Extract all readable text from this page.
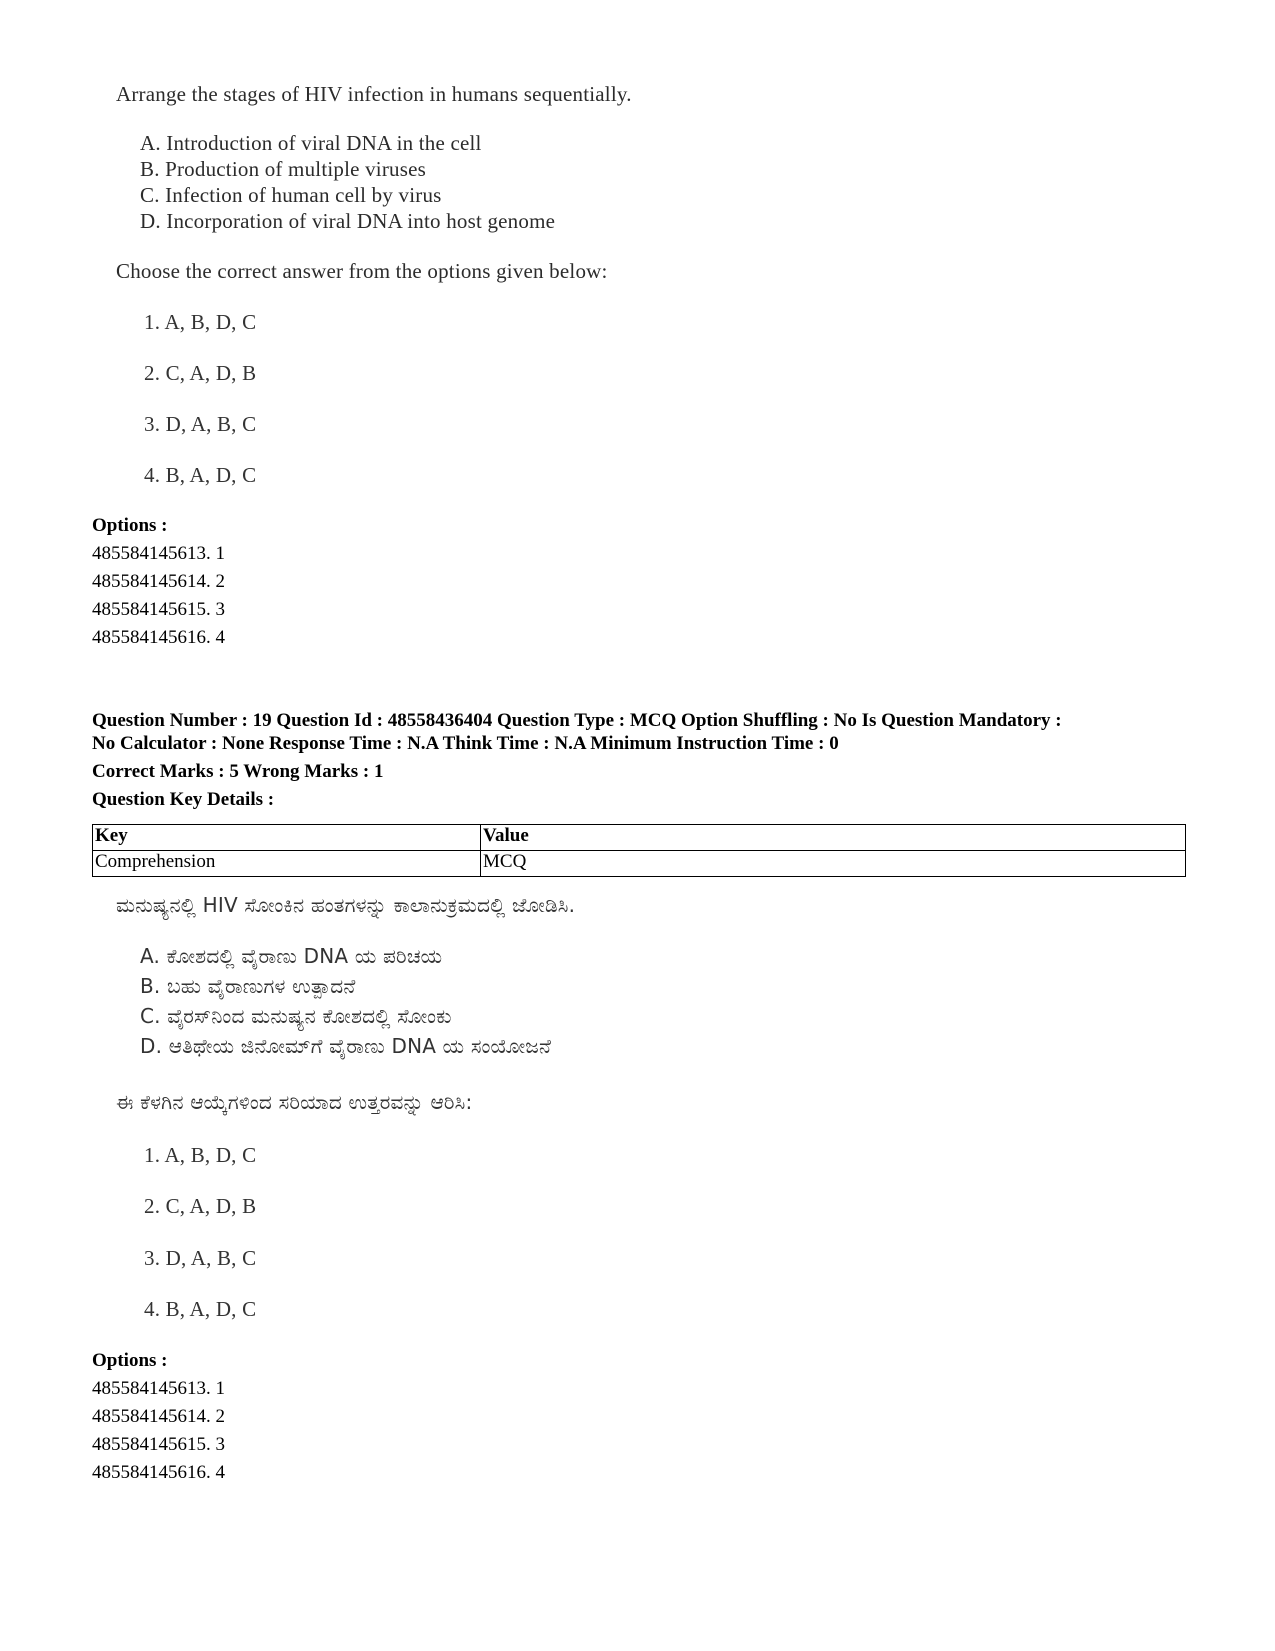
Arrange the stages of HIV infection in humans sequentially.
A. Introduction of viral DNA in the cell
B. Production of multiple viruses
C. Infection of human cell by virus
D. Incorporation of viral DNA into host genome
Choose the correct answer from the options given below:
1. A, B, D, C
2. C, A, D, B
3. D, A, B, C
4. B, A, D, C
Options :
485584145613. 1
485584145614. 2
485584145615. 3
485584145616. 4
Question Number : 19 Question Id : 48558436404 Question Type : MCQ Option Shuffling : No Is Question Mandatory :
No Calculator : None Response Time : N.A Think Time : N.A Minimum Instruction Time : 0
Correct Marks : 5 Wrong Marks : 1
Question Key Details :
Key	Value
Comprehension	MCQ
ಮನುಷ್ಯನಲ್ಲಿ HIV ಸೋಂಕಿನ ಹಂತಗಳನ್ನು ಕಾಲಾನುಕ್ರಮದಲ್ಲಿ ಜೋಡಿಸಿ.
A. ಕೋಶದಲ್ಲಿ ವೈರಾಣು DNA ಯ ಪರಿಚಯ
B. ಬಹು ವೈರಾಣುಗಳ ಉತ್ಪಾದನೆ
C. ವೈರಸ್‌ನಿಂದ ಮನುಷ್ಯನ ಕೋಶದಲ್ಲಿ ಸೋಂಕು
D. ಆತಿಥೇಯ ಜಿನೋಮ್‌ಗೆ ವೈರಾಣು DNA ಯ ಸಂಯೋಜನೆ
ಈ ಕೆಳಗಿನ ಆಯ್ಕೆಗಳಿಂದ ಸರಿಯಾದ ಉತ್ತರವನ್ನು ಆರಿಸಿ:
1. A, B, D, C
2. C, A, D, B
3. D, A, B, C
4. B, A, D, C
Options :
485584145613. 1
485584145614. 2
485584145615. 3
485584145616. 4
